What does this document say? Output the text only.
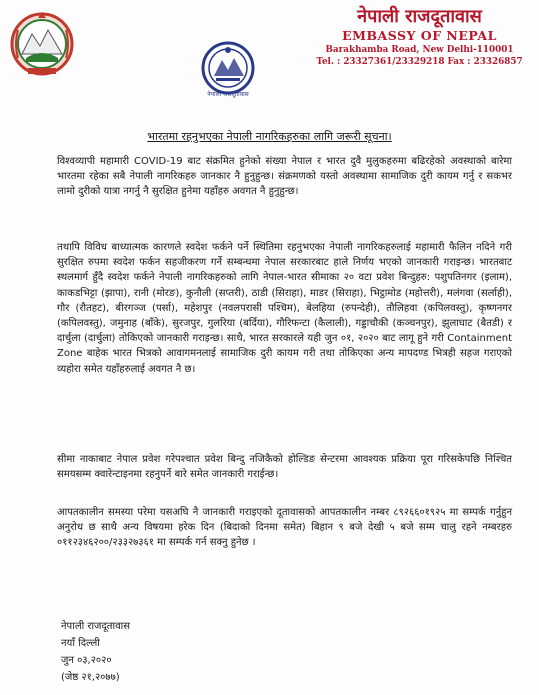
नेपाली राजदूतावास
नेपाली राजदूतावास
EMBASSY OF NEPAL
Barakhamba Road, New Delhi-110001
Tel. : 23327361/23329218 Fax : 23326857
भारतमा रहनुभएका नेपाली नागरिकहरुका लागि जरूरी सूचना।
विश्वव्यापी महामारी COVID-19 बाट संक्रमित हुनेको संख्या नेपाल र भारत दुवै मुलुकहरुमा बढिरहेको अवस्थाको बारेमा भारतमा रहेका सबै नेपाली नागरिकहरु जानकार नै हुनुहुन्छ। संक्रमणको यस्तो अवस्थामा सामाजिक दुरी कायम गर्नु र सकभर लामो दुरीको यात्रा नगर्नु नै सुरक्षित हुनेमा यहाँहरु अवगत नै हुनुहुन्छ।
तथापि विविध बाध्यात्मक कारणले स्वदेश फर्कने पर्ने स्थितिमा रहनुभएका नेपाली नागरिकहरुलाई महामारी फैलिन नदिने गरी सुरक्षित रुपमा स्वदेश फर्कन सहजीकरण गर्ने सम्बन्धमा नेपाल सरकारबाट हाले निर्णय भएको जानकारी गराइन्छ। भारतबाट स्थलमार्ग हुँदै स्वदेश फर्कने नेपाली नागरिकहरुको लागि नेपाल-भारत सीमाका २० वटा प्रवेश बिन्दुहरु: पशुपतिनगर (इलाम), काकडभिट्टा (झापा), रानी (मोरङ), कुनौली (सप्तरी), ठाडी (सिराहा), माडर (सिराहा), भिट्ठामोड (महोत्तरी), मलंगवा (सर्लाही), गौर (रौतहट), बीरगञ्ज (पर्सा), महेशपुर (नवलपरासी पश्चिम), बेलहिया (रुपन्देही), तौलिहवा (कपिलवस्तु), कृष्णनगर (कपिलवस्तु), जमुनाह (बाँके), सुरजपुर, गुलरिया (बर्दिया), गौरिफन्टा (कैलाली), गड्डाचौकी (कञ्चनपुर), झुलाघाट (बैतडी) र दार्चुला (दार्चुला) तोकिएको जानकारी गराइन्छ। साथै, भारत सरकारले यही जुन ०१, २०२० बाट लागू हुने गरी Containment Zone बाहेक भारत भित्रको आवागमनलाई सामाजिक दुरी कायम गरी तथा तोकिएका अन्य मापदण्ड भित्रही सहज गराएको व्यहोरा समेत यहाँहरुलाई अवगत नै छ।
सीमा नाकाबाट नेपाल प्रवेश गरेपश्चात प्रवेश बिन्दु नजिकैको होल्डिङ सेन्टरमा आवश्यक प्रक्रिया पूरा गरिसकेपछि निश्चित समयसम्म क्वारेन्टाइनमा रहनुपर्ने बारे समेत जानकारी गराईन्छ।
आपतकालीन समस्या परेमा यसअघि नै जानकारी गराइएको दूतावासको आपतकालीन नम्बर ८९२६६०१९२५ मा सम्पर्क गर्नुहुन अनुरोध छ साथै अन्य विषयमा हरेक दिन (बिदाको दिनमा समेत) बिहान ९ बजे देखी ५ बजे सम्म चालु रहने नम्बरहरु ०११२३४६२००/२३३२७३६१ मा सम्पर्क गर्न सक्नु हुनेछ ।
नेपाली राजदूतावास
नयाँ दिल्ली
जुन ०३,२०२०
(जेष्ठ २१,२०७७)
